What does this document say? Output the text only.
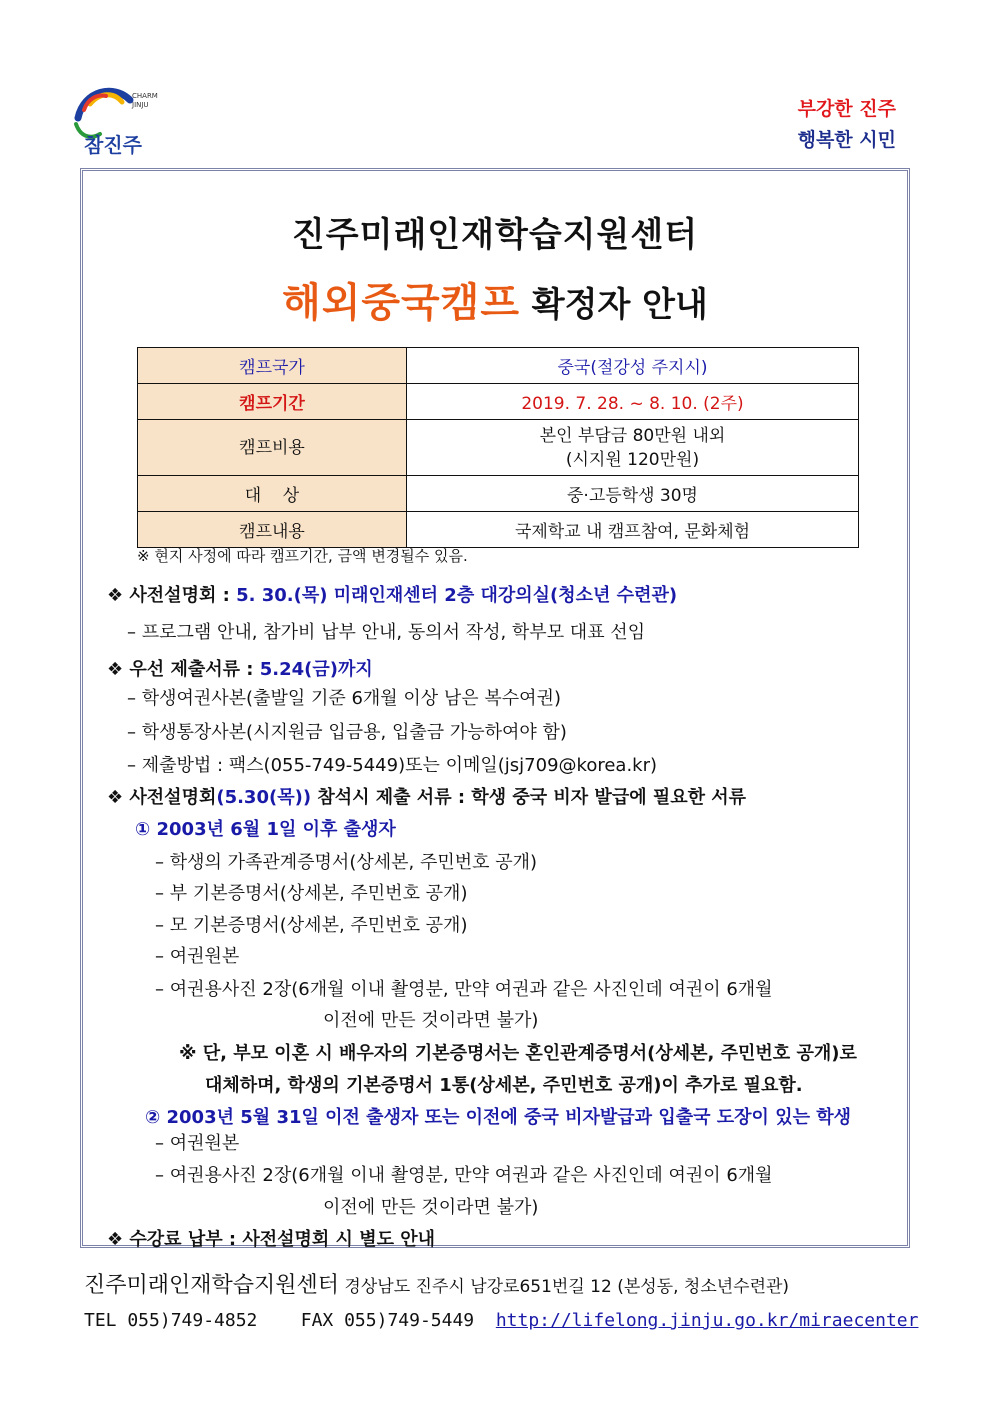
CHARM
JINJU
참진주
부강한 진주
행복한 시민
진주미래인재학습지원센터
해외중국캠프 확정자 안내
캠프국가	중국(절강성 주지시)
캠프기간	2019. 7. 28. ~ 8. 10. (2주)
캠프비용	본인 부담금 80만원 내외
(시지원 120만원)

대    상	중·고등학생 30명
캠프내용	국제학교 내 캠프참여, 문화체험
※ 현지 사정에 따라 캠프기간, 금액 변경될수 있음.
❖ 사전설명회 : 5. 30.(목) 미래인재센터 2층 대강의실(청소년 수련관)
– 프로그램 안내, 참가비 납부 안내, 동의서 작성, 학부모 대표 선임
❖ 우선 제출서류 : 5.24(금)까지
– 학생여권사본(출발일 기준 6개월 이상 남은 복수여권)
– 학생통장사본(시지원금 입금용, 입출금 가능하여야 함)
– 제출방법 : 팩스(055-749-5449)또는 이메일(jsj709@korea.kr)
❖ 사전설명회(5.30(목)) 참석시 제출 서류 : 학생 중국 비자 발급에 필요한 서류
① 2003년 6월 1일 이후 출생자
– 학생의 가족관계증명서(상세본, 주민번호 공개)
– 부 기본증명서(상세본, 주민번호 공개)
– 모 기본증명서(상세본, 주민번호 공개)
– 여권원본
– 여권용사진 2장(6개월 이내 촬영분, 만약 여권과 같은 사진인데 여권이 6개월
이전에 만든 것이라면 불가)
※ 단, 부모 이혼 시 배우자의 기본증명서는 혼인관계증명서(상세본, 주민번호 공개)로
대체하며, 학생의 기본증명서 1통(상세본, 주민번호 공개)이 추가로 필요함.
② 2003년 5월 31일 이전 출생자 또는 이전에 중국 비자발급과 입출국 도장이 있는 학생
– 여권원본
– 여권용사진 2장(6개월 이내 촬영분, 만약 여권과 같은 사진인데 여권이 6개월
이전에 만든 것이라면 불가)
❖ 수강료 납부 : 사전설명회 시 별도 안내
진주미래인재학습지원센터 경상남도 진주시 남강로651번길 12 (본성동, 청소년수련관)
TEL 055)749-4852 FAX 055)749-5449 http://lifelong.jinju.go.kr/miraecenter
